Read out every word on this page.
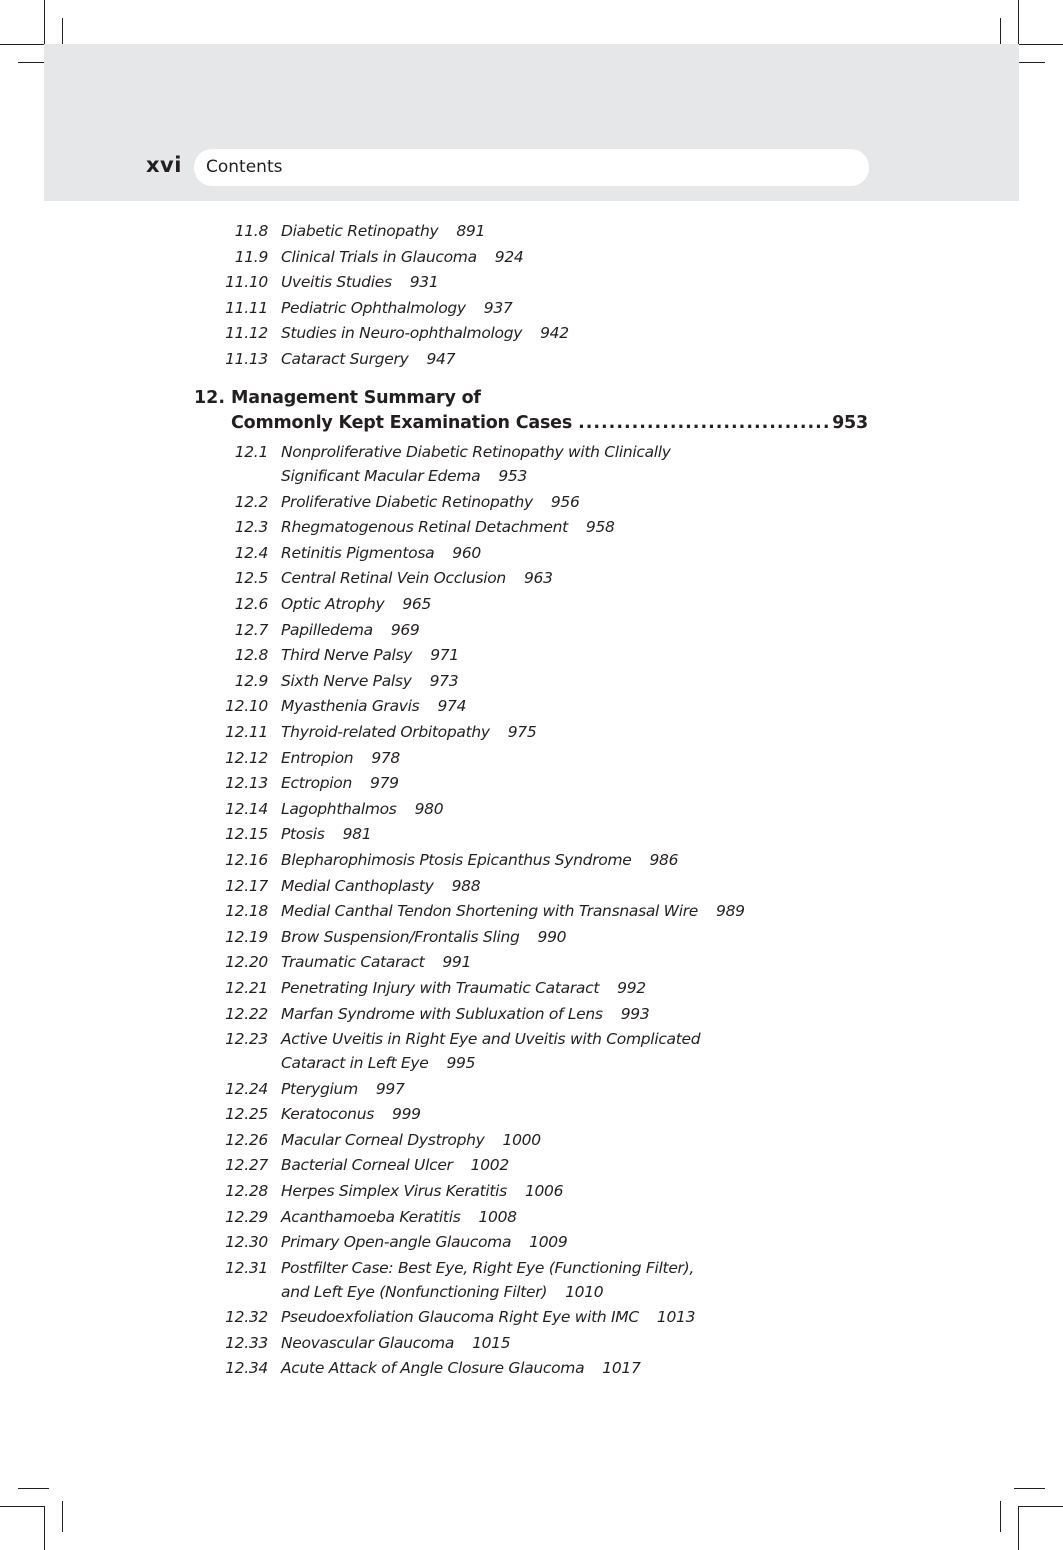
xvi Contents
12. Management Summary of
Commonly Kept Examination Cases
.....	953
11.8 Diabetic Retinopathy 891
11.9 Clinical Trials in Glaucoma 924
11.10 Uveitis Studies 931
11.11 Pediatric Ophthalmology 937
11.12 Studies in Neuro-ophthalmology 942
11.13 Cataract Surgery 947
12.1 Nonproliferative Diabetic Retinopathy with Clinically
Significant Macular Edema 953
12.2 Proliferative Diabetic Retinopathy 956
12.3 Rhegmatogenous Retinal Detachment 958
12.4 Retinitis Pigmentosa 960
12.5 Central Retinal Vein Occlusion 963
12.6 Optic Atrophy 965
12.7 Papilledema 969
12.8 Third Nerve Palsy 971
12.9 Sixth Nerve Palsy 973
12.10 Myasthenia Gravis 974
12.11 Thyroid-related Orbitopathy 975
12.12 Entropion 978
12.13 Ectropion 979
12.14 Lagophthalmos 980
12.15 Ptosis 981
12.16 Blepharophimosis Ptosis Epicanthus Syndrome 986
12.17 Medial Canthoplasty 988
12.18 Medial Canthal Tendon Shortening with Transnasal Wire 989
12.19 Brow Suspension/Frontalis Sling 990
12.20 Traumatic Cataract 991
12.21 Penetrating Injury with Traumatic Cataract 992
12.22 Marfan Syndrome with Subluxation of Lens 993
12.23 Active Uveitis in Right Eye and Uveitis with Complicated
Cataract in Left Eye 995
12.24 Pterygium 997
12.25 Keratoconus 999
12.26 Macular Corneal Dystrophy 1000
12.27 Bacterial Corneal Ulcer 1002
12.28 Herpes Simplex Virus Keratitis 1006
12.29 Acanthamoeba Keratitis 1008
12.30 Primary Open-angle Glaucoma 1009
12.31 Postfilter Case: Best Eye, Right Eye (Functioning Filter),
and Left Eye (Nonfunctioning Filter) 1010
12.32 Pseudoexfoliation Glaucoma Right Eye with IMC 1013
12.33 Neovascular Glaucoma 1015
12.34 Acute Attack of Angle Closure Glaucoma 1017
